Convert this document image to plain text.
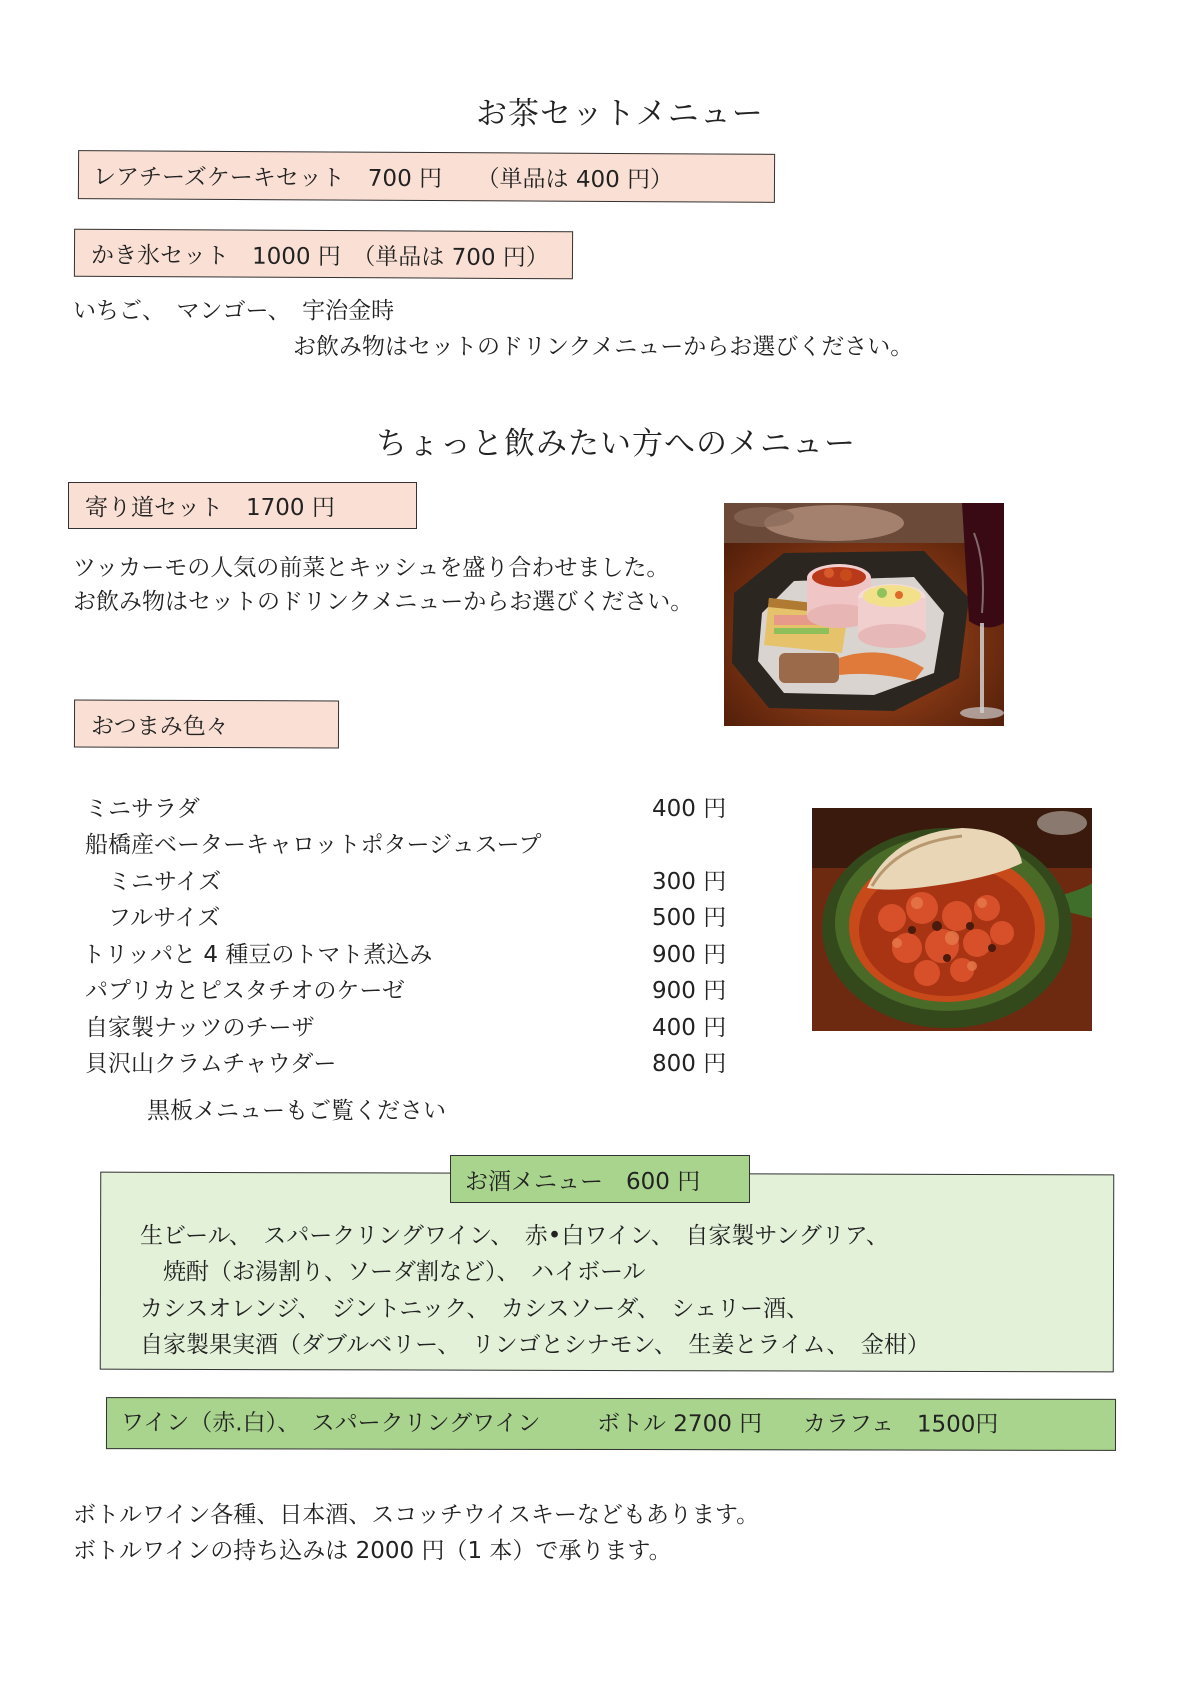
お茶セットメニュー
レアチーズケーキセット　700 円　　（単品は 400 円）
かき氷セット　1000 円　（単品は 700 円）
いちご、　マンゴー、　宇治金時
お飲み物はセットのドリンクメニューからお選びください。
ちょっと飲みたい方へのメニュー
寄り道セット　1700 円
ツッカーモの人気の前菜とキッシュを盛り合わせました。
お飲み物はセットのドリンクメニューからお選びください。
おつまみ色々
ミニサラダ	400 円
船橋産ベーターキャロットポタージュスープ
　ミニサイズ	300 円
　フルサイズ	500 円
トリッパと 4 種豆のトマト煮込み	900 円
パプリカとピスタチオのケーゼ	900 円
自家製ナッツのチーザ	400 円
貝沢山クラムチャウダー	800 円
黒板メニューもご覧ください
お酒メニュー　600 円
生ビール、　スパークリングワイン、　赤•白ワイン、　自家製サングリア、
　焼酎（お湯割り、ソーダ割など）、　ハイボール
カシスオレンジ、　ジントニック、　カシスソーダ、　シェリー酒、
自家製果実酒（ダブルベリー、　リンゴとシナモン、　生姜とライム、　金柑）
ワイン（赤.白）、　スパークリングワイン ボトル 2700 円 カラフェ　1500円
ボトルワイン各種、日本酒、スコッチウイスキーなどもあります。
ボトルワインの持ち込みは 2000 円（1 本）で承ります。
